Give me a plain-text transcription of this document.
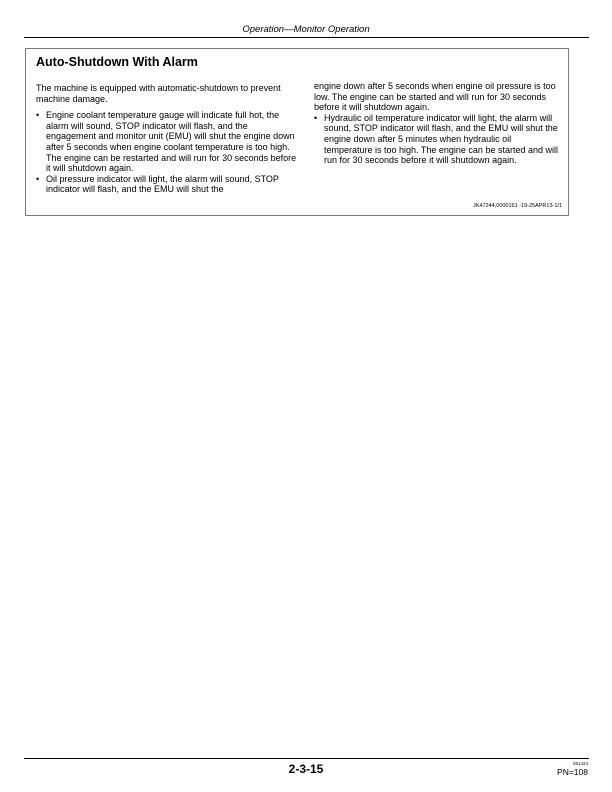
Operation—Monitor Operation
Auto-Shutdown With Alarm

The machine is equipped with automatic-shutdown to prevent machine damage.

• Engine coolant temperature gauge will indicate full hot, the alarm will sound, STOP indicator will flash, and the engagement and monitor unit (EMU) will shut the engine down after 5 seconds when engine coolant temperature is too high. The engine can be restarted and will run for 30 seconds before it will shutdown again.
• Oil pressure indicator will light, the alarm will sound, STOP indicator will flash, and the EMU will shut the
engine down after 5 seconds when engine oil pressure is too low. The engine can be started and will run for 30 seconds before it will shutdown again.
• Hydraulic oil temperature indicator will light, the alarm will sound, STOP indicator will flash, and the EMU will shut the engine down after 5 minutes when hydraulic oil temperature is too high. The engine can be started and will run for 30 seconds before it will shutdown again.
JK47244,0000161 -19-25APR13-1/1
2-3-15	051424
PN=108
